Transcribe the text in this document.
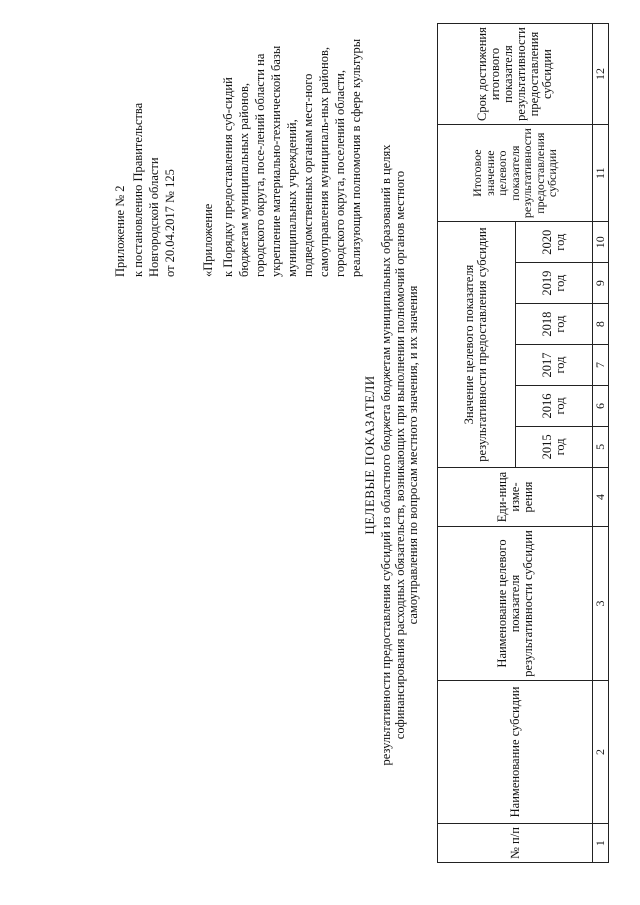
Приложение № 2 к постановлению Правительства Новгородской области от 20.04.2017 № 125 «Приложение к Порядку предоставления суб-сидий бюджетам муниципальных районов, городского округа, посе-лений области на укрепление материально-технической базы муниципальных учреждений, подведомственных органам мест-ного самоуправления муниципаль-ных районов, городского округа, поселений области, реализующим полномочия в сфере культуры
ЦЕЛЕВЫЕ ПОКАЗАТЕЛИ результативности предоставления субсидий из областного бюджета бюджетам муниципальных образований в целях софинансирования расходных обязательств, возникающих при выполнении полномочий органов местного самоуправления по вопросам местного значения, и их значения
№ п/п	Наименование субсидии	Наименование целевого показателя результативности субсидии	Еди-ница изме-рения	Значение целевого показателя результативности предоставления субсидии						Итоговое значение целевого показателя результативности предоставления субсидии	Срок достижения итогового показателя результативности предоставления субсидии
				2015 год	2016 год	2017 год	2018 год	2019 год	2020 год		
1	2	3	4	5	6	7	8	9	10	11	12
